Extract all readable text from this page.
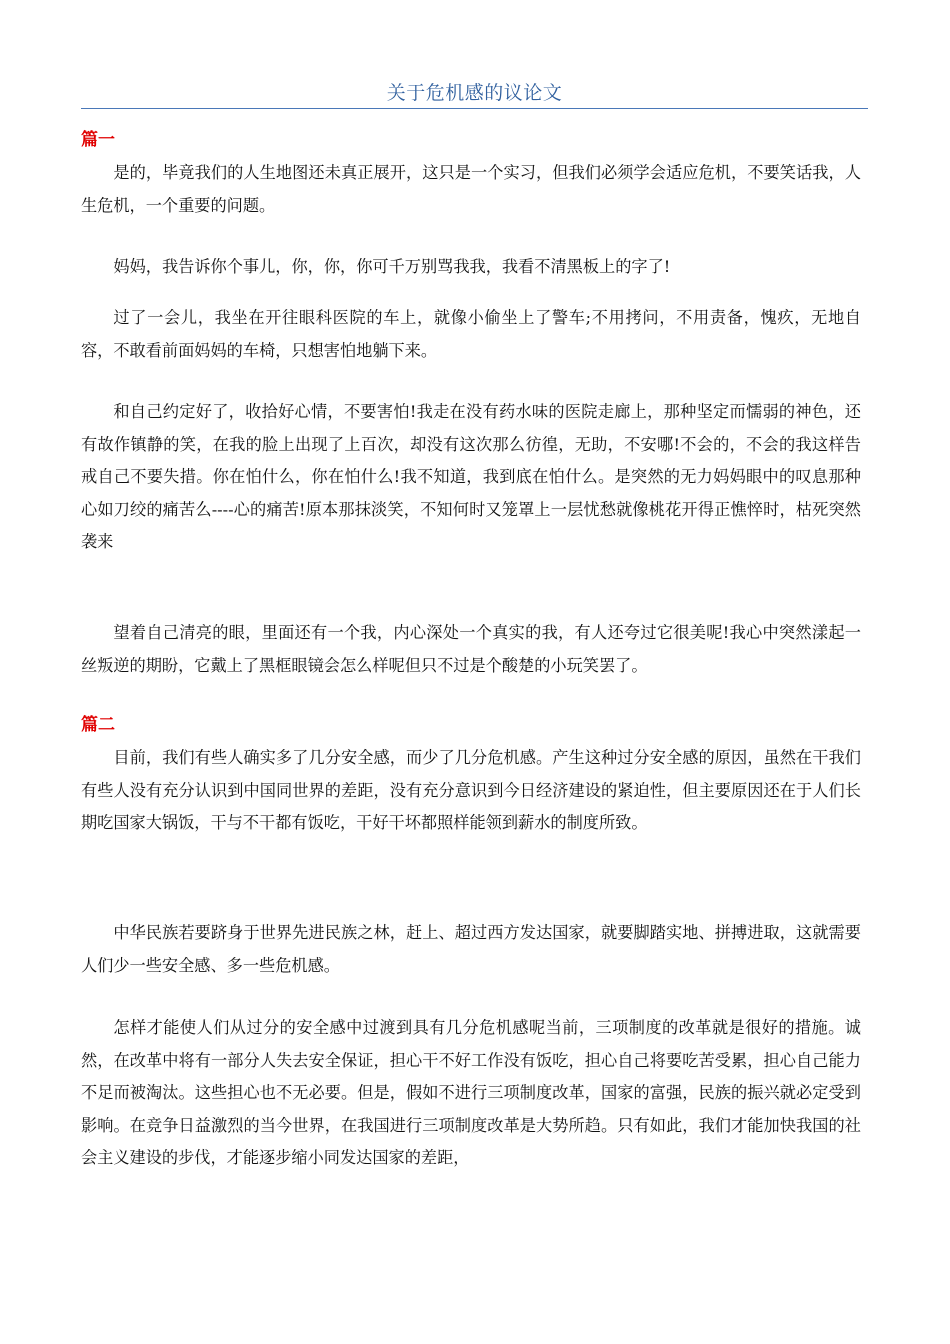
关于危机感的议论文
篇一

是的，毕竟我们的人生地图还未真正展开，这只是一个实习，但我们必须学会适应危机，不要笑话我，人生危机，一个重要的问题。

妈妈，我告诉你个事儿，你，你，你可千万别骂我我，我看不清黑板上的字了!

过了一会儿，我坐在开往眼科医院的车上，就像小偷坐上了警车;不用拷问，不用责备，愧疚，无地自容，不敢看前面妈妈的车椅，只想害怕地躺下来。

和自己约定好了，收拾好心情，不要害怕!我走在没有药水味的医院走廊上，那种坚定而懦弱的神色，还有故作镇静的笑，在我的脸上出现了上百次，却没有这次那么彷徨，无助，不安哪!不会的，不会的我这样告戒自己不要失措。你在怕什么，你在怕什么!我不知道，我到底在怕什么。是突然的无力妈妈眼中的叹息那种心如刀绞的痛苦么----心的痛苦!原本那抹淡笑，不知何时又笼罩上一层忧愁就像桃花开得正憔悴时，枯死突然袭来

望着自己清亮的眼，里面还有一个我，内心深处一个真实的我，有人还夸过它很美呢!我心中突然漾起一丝叛逆的期盼，它戴上了黑框眼镜会怎么样呢但只不过是个酸楚的小玩笑罢了。

篇二

目前，我们有些人确实多了几分安全感，而少了几分危机感。产生这种过分安全感的原因，虽然在干我们有些人没有充分认识到中国同世界的差距，没有充分意识到今日经济建设的紧迫性，但主要原因还在于人们长期吃国家大锅饭，干与不干都有饭吃，干好干坏都照样能领到薪水的制度所致。

中华民族若要跻身于世界先进民族之林，赶上、超过西方发达国家，就要脚踏实地、拼搏进取，这就需要人们少一些安全感、多一些危机感。

怎样才能使人们从过分的安全感中过渡到具有几分危机感呢当前，三项制度的改革就是很好的措施。诚然，在改革中将有一部分人失去安全保证，担心干不好工作没有饭吃，担心自己将要吃苦受累，担心自己能力不足而被淘汰。这些担心也不无必要。但是，假如不进行三项制度改革，国家的富强，民族的振兴就必定受到影响。在竞争日益激烈的当今世界，在我国进行三项制度改革是大势所趋。只有如此，我们才能加快我国的社会主义建设的步伐，才能逐步缩小同发达国家的差距，
